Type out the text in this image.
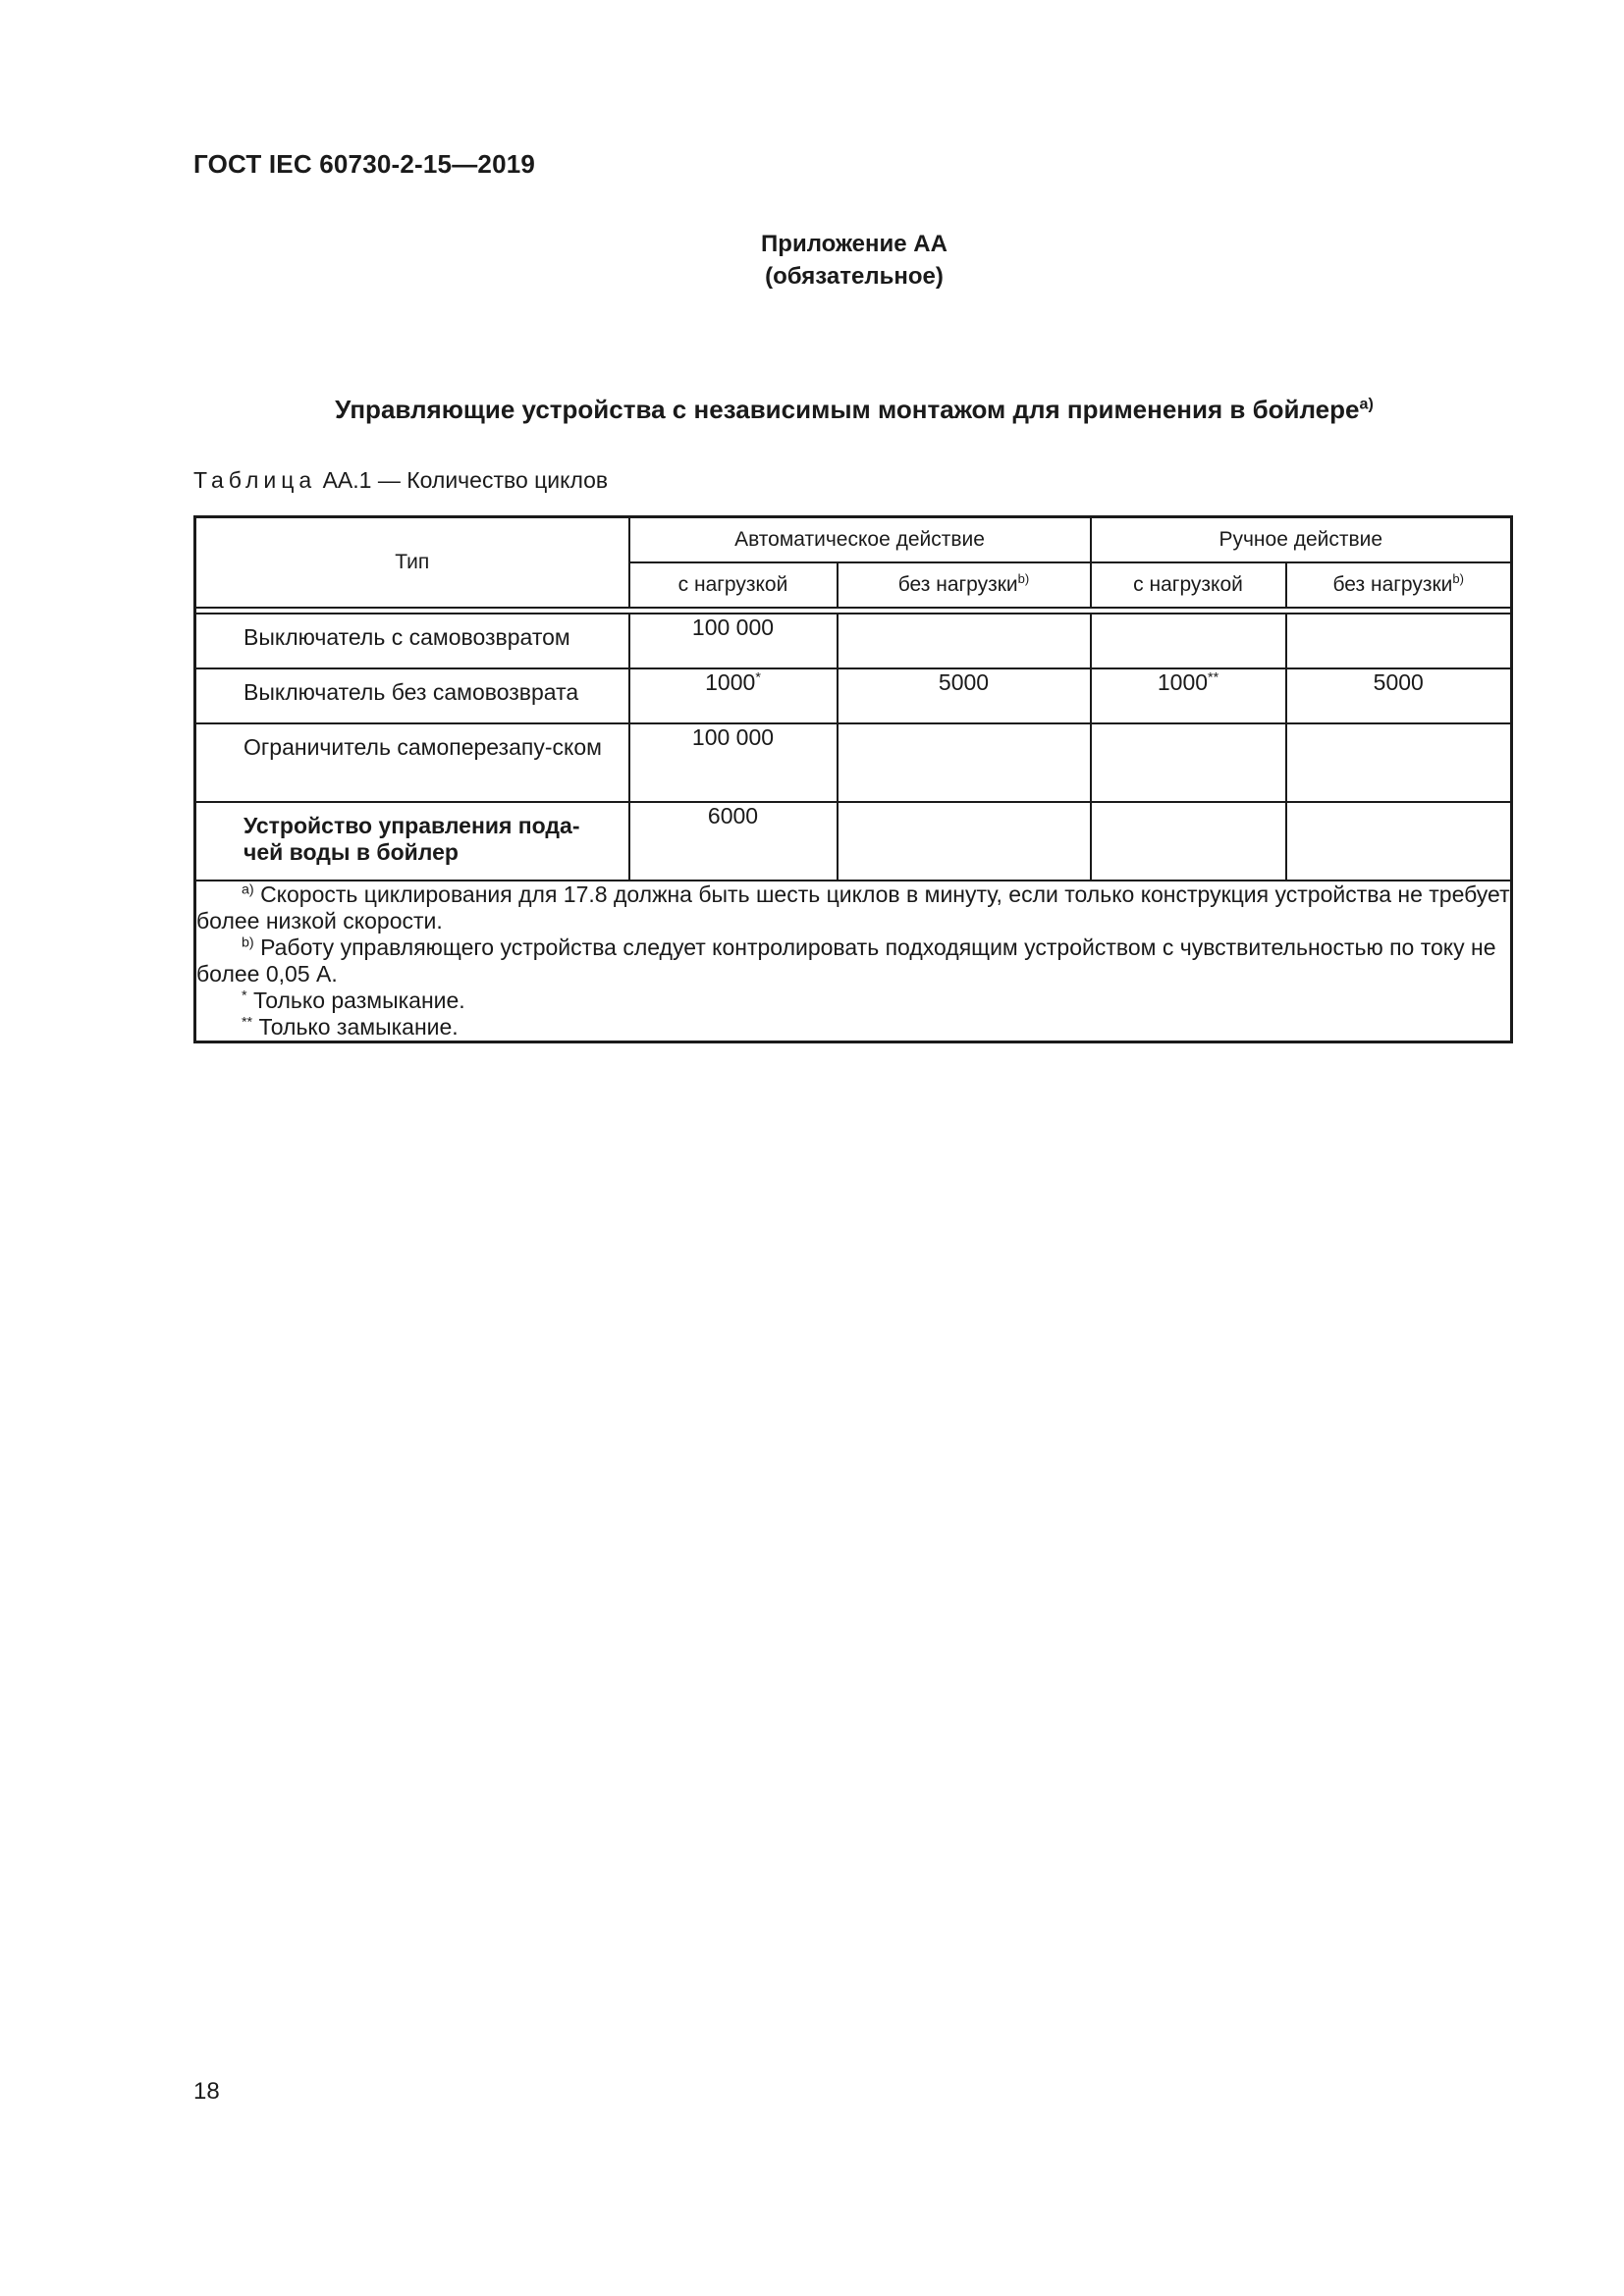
ГОСТ IEC 60730-2-15—2019
Приложение АА
(обязательное)
Управляющие устройства с независимым монтажом для применения в бойлере$^{a)}$
Таблица АА.1 — Количество циклов
Тип	Автоматическое действие		Ручное действие	
	с нагрузкой	без нагрузки$^{b)}$	с нагрузкой	без нагрузки$^{b)}$

Выключатель с самовозвратом	100 000			
Выключатель без самовозврата	1000*	5000	1000**	5000
Ограничитель самоперезапу-ском	100 000			
Устройство управления пода-чей воды в бойлер	6000			

$^{a)}$ Скорость циклирования для 17.8 должна быть шесть циклов в минуту, если только конструкция устройства не требует более низкой скорости.

$^{b)}$ Работу управляющего устройства следует контролировать подходящим устройством с чувствительностью по току не более 0,05 А.

* Только размыкание.

** Только замыкание.				

18
